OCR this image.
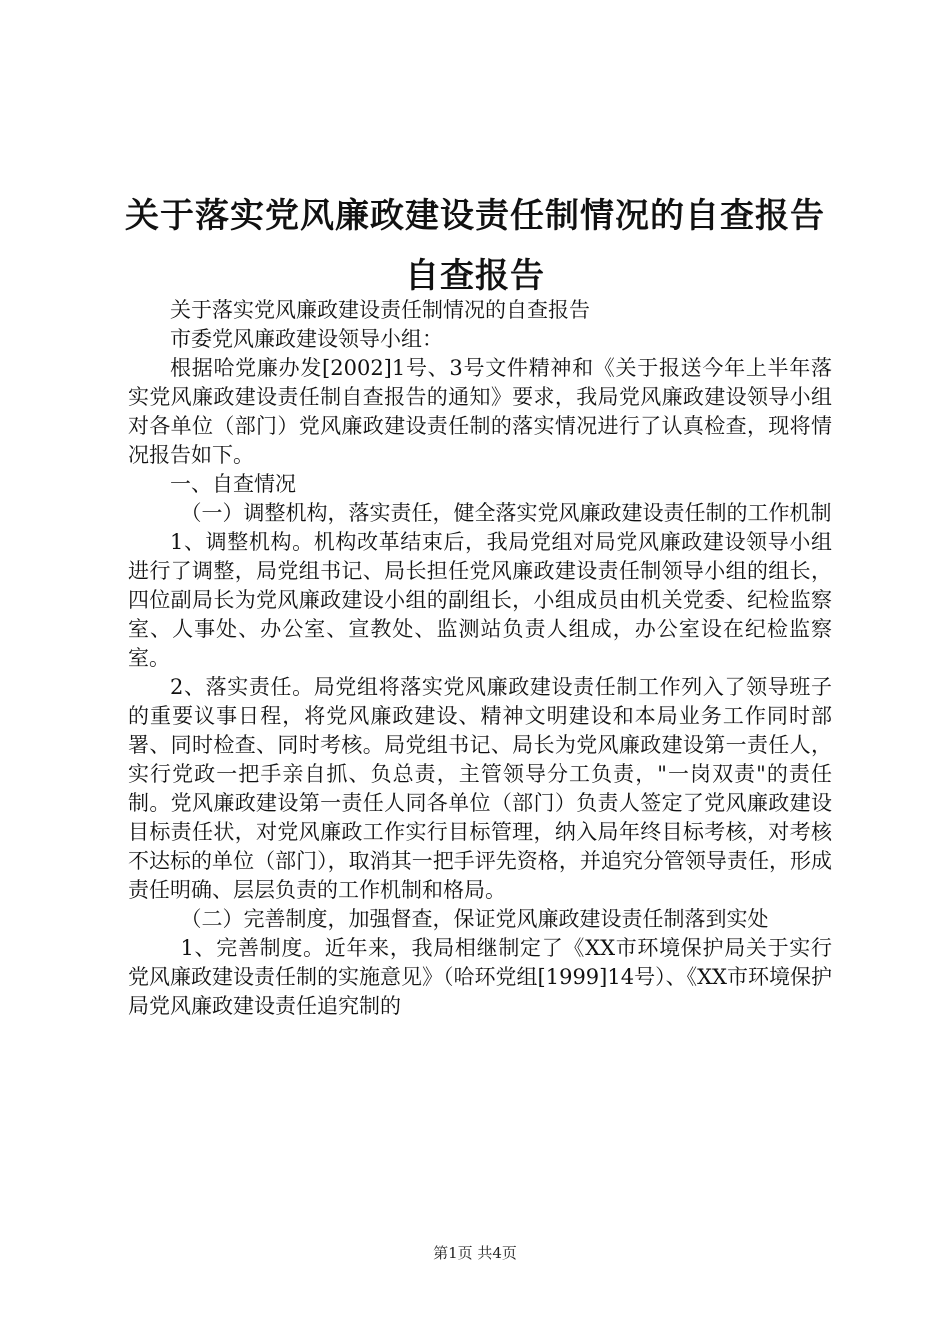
关于落实党风廉政建设责任制情况的自查报告
自查报告

关于落实党风廉政建设责任制情况的自查报告

市委党风廉政建设领导小组：

根据哈党廉办发[2002]1号、3号文件精神和《关于报送今年上半年落实党风廉政建设责任制自查报告的通知》要求，我局党风廉政建设领导小组对各单位（部门）党风廉政建设责任制的落实情况进行了认真检查，现将情况报告如下。

一、自查情况

（一）调整机构，落实责任，健全落实党风廉政建设责任制的工作机制

1、调整机构。机构改革结束后，我局党组对局党风廉政建设领导小组进行了调整，局党组书记、局长担任党风廉政建设责任制领导小组的组长，四位副局长为党风廉政建设小组的副组长，小组成员由机关党委、纪检监察室、人事处、办公室、宣教处、监测站负责人组成，办公室设在纪检监察室。

2、落实责任。局党组将落实党风廉政建设责任制工作列入了领导班子的重要议事日程，将党风廉政建设、精神文明建设和本局业务工作同时部署、同时检查、同时考核。局党组书记、局长为党风廉政建设第一责任人，实行党政一把手亲自抓、负总责，主管领导分工负责，"一岗双责"的责任制。党风廉政建设第一责任人同各单位（部门）负责人签定了党风廉政建设目标责任状，对党风廉政工作实行目标管理，纳入局年终目标考核，对考核不达标的单位（部门），取消其一把手评先资格，并追究分管领导责任，形成责任明确、层层负责的工作机制和格局。

（二）完善制度，加强督查，保证党风廉政建设责任制落到实处

1、完善制度。近年来，我局相继制定了《XX市环境保护局关于实行党风廉政建设责任制的实施意见》（哈环党组[1999]14号）、《XX市环境保护局党风廉政建设责任追究制的

第1页 共4页
